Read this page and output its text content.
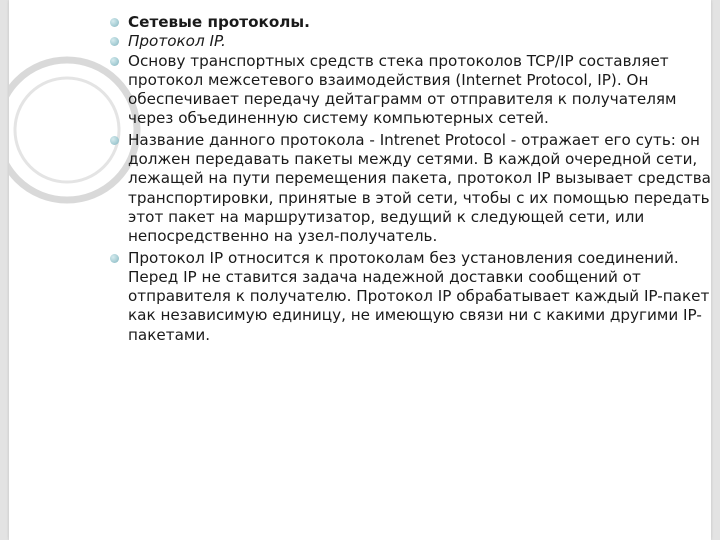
Сетевые протоколы.
Протокол IP.
Основу транспортных средств стека протоколов TCP/IP составляет протокол межсетевого взаимодействия (Internet Protocol, IP). Он обеспечивает передачу дейтаграмм от отправителя к получателям через объединенную систему компьютерных сетей.
Название данного протокола - Intrenet Protocol - отражает его суть: он должен передавать пакеты между сетями. В каждой очередной сети, лежащей на пути перемещения пакета, протокол IP вызывает средства транспортировки, принятые в этой сети, чтобы с их помощью передать этот пакет на маршрутизатор, ведущий к следующей сети, или непосредственно на узел-получатель.
Протокол IP относится к протоколам без установления соединений. Перед IP не ставится задача надежной доставки сообщений от отправителя к получателю. Протокол IP обрабатывает каждый IP-пакет как независимую единицу, не имеющую связи ни с какими другими IP-пакетами.
